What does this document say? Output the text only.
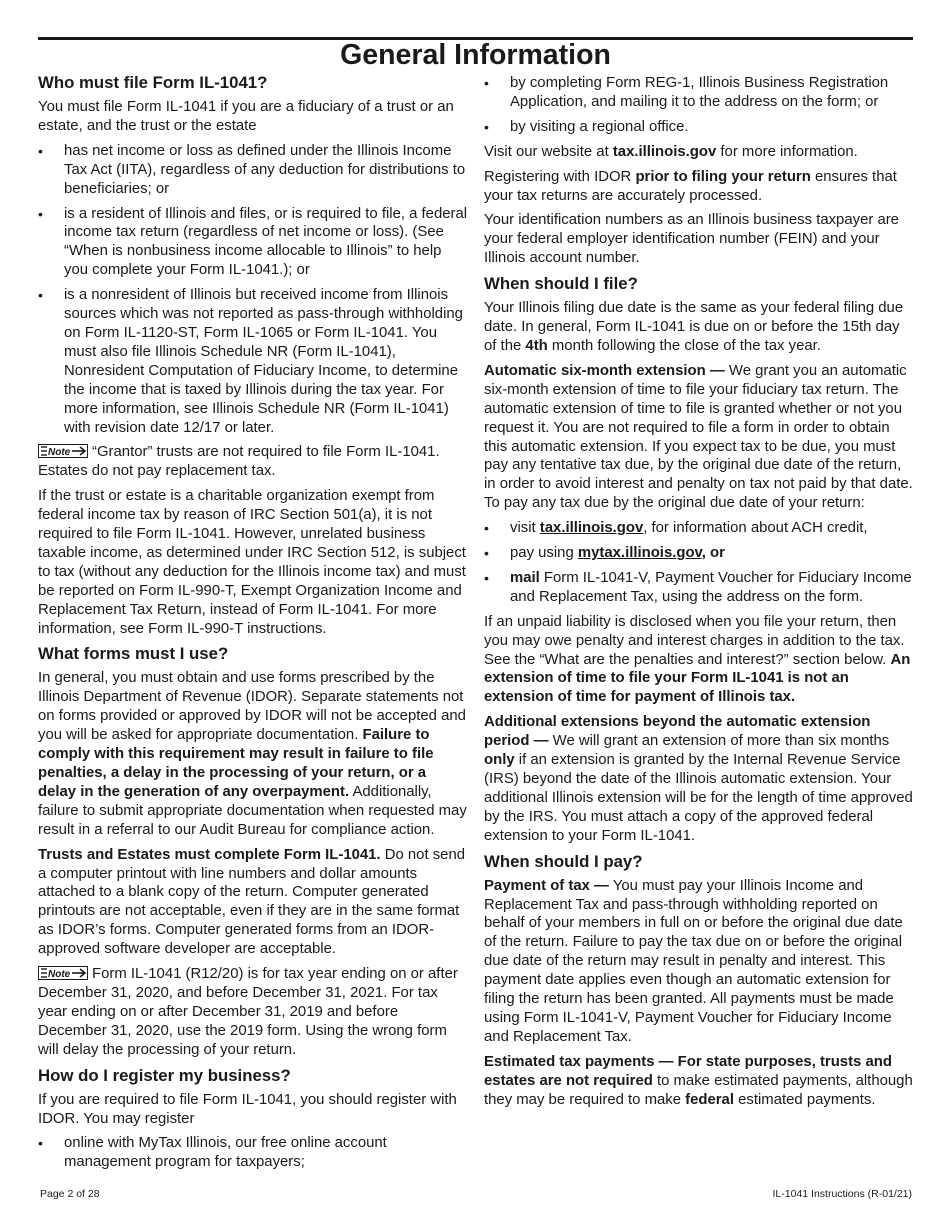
General Information
Who must file Form IL-1041?

You must file Form IL-1041 if you are a fiduciary of a trust or an estate, and the trust or the estate

• has net income or loss as defined under the Illinois Income Tax Act (IITA), regardless of any deduction for distributions to beneficiaries; or
• is a resident of Illinois and files, or is required to file, a federal income tax return (regardless of net income or loss). (See “When is nonbusiness income allocable to Illinois” to help you complete your Form IL-1041.); or
• is a nonresident of Illinois but received income from Illinois sources which was not reported as pass-through withholding on Form IL-1120-ST, Form IL-1065 or Form IL-1041. You must also file Illinois Schedule NR (Form IL-1041), Nonresident Computation of Fiduciary Income, to determine the income that is taxed by Illinois during the tax year. For more information, see Illinois Schedule NR (Form IL-1041) with revision date 12/17 or later.

Note “Grantor” trusts are not required to file Form IL-1041. Estates do not pay replacement tax.

If the trust or estate is a charitable organization exempt from federal income tax by reason of IRC Section 501(a), it is not required to file Form IL-1041. However, unrelated business taxable income, as determined under IRC Section 512, is subject to tax (without any deduction for the Illinois income tax) and must be reported on Form IL-990-T, Exempt Organization Income and Replacement Tax Return, instead of Form IL-1041. For more information, see Form IL-990-T instructions.

What forms must I use?

In general, you must obtain and use forms prescribed by the Illinois Department of Revenue (IDOR). Separate statements not on forms provided or approved by IDOR will not be accepted and you will be asked for appropriate documentation. Failure to comply with this requirement may result in failure to file penalties, a delay in the processing of your return, or a delay in the generation of any overpayment. Additionally, failure to submit appropriate documentation when requested may result in a referral to our Audit Bureau for compliance action.

Trusts and Estates must complete Form IL-1041. Do not send a computer printout with line numbers and dollar amounts attached to a blank copy of the return. Computer generated printouts are not acceptable, even if they are in the same format as IDOR’s forms. Computer generated forms from an IDOR-approved software developer are acceptable.

Note Form IL-1041 (R12/20) is for tax year ending on or after December 31, 2020, and before December 31, 2021. For tax year ending on or after December 31, 2019 and before December 31, 2020, use the 2019 form. Using the wrong form will delay the processing of your return.

How do I register my business?

If you are required to file Form IL-1041, you should register with IDOR. You may register

• online with MyTax Illinois, our free online account management program for taxpayers;
• by completing Form REG-1, Illinois Business Registration Application, and mailing it to the address on the form; or
• by visiting a regional office.

Visit our website at tax.illinois.gov for more information.

Registering with IDOR prior to filing your return ensures that your tax returns are accurately processed.

Your identification numbers as an Illinois business taxpayer are your federal employer identification number (FEIN) and your Illinois account number.

When should I file?

Your Illinois filing due date is the same as your federal filing due date. In general, Form IL-1041 is due on or before the 15th day of the 4th month following the close of the tax year.

Automatic six-month extension — We grant you an automatic six-month extension of time to file your fiduciary tax return. The automatic extension of time to file is granted whether or not you request it. You are not required to file a form in order to obtain this automatic extension. If you expect tax to be due, you must pay any tentative tax due, by the original due date of the return, in order to avoid interest and penalty on tax not paid by that date. To pay any tax due by the original due date of your return:

• visit tax.illinois.gov, for information about ACH credit,
• pay using mytax.illinois.gov, or
• mail Form IL-1041-V, Payment Voucher for Fiduciary Income and Replacement Tax, using the address on the form.

If an unpaid liability is disclosed when you file your return, then you may owe penalty and interest charges in addition to the tax. See the “What are the penalties and interest?” section below. An extension of time to file your Form IL-1041 is not an extension of time for payment of Illinois tax.

Additional extensions beyond the automatic extension period — We will grant an extension of more than six months only if an extension is granted by the Internal Revenue Service (IRS) beyond the date of the Illinois automatic extension. Your additional Illinois extension will be for the length of time approved by the IRS. You must attach a copy of the approved federal extension to your Form IL-1041.

When should I pay?

Payment of tax — You must pay your Illinois Income and Replacement Tax and pass-through withholding reported on behalf of your members in full on or before the original due date of the return. Failure to pay the tax due on or before the original due date of the return may result in penalty and interest. This payment date applies even though an automatic extension for filing the return has been granted. All payments must be made using Form IL-1041-V, Payment Voucher for Fiduciary Income and Replacement Tax.

Estimated tax payments — For state purposes, trusts and estates are not required to make estimated payments, although they may be required to make federal estimated payments.

Page 2 of 28	IL-1041 Instructions (R-01/21)
